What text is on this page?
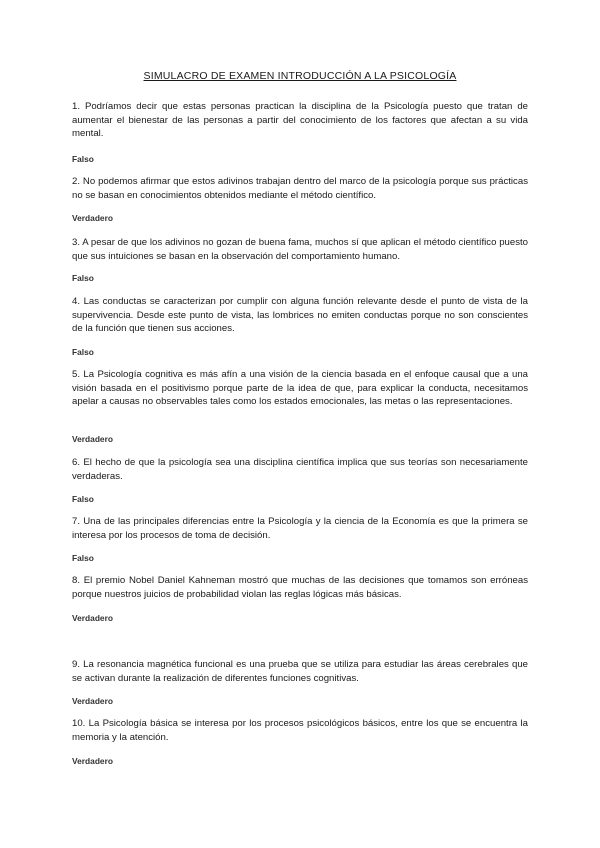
SIMULACRO DE EXAMEN INTRODUCCIÓN A LA PSICOLOGÍA
1. Podríamos decir que estas personas practican la disciplina de la Psicología puesto que tratan de aumentar el bienestar de las personas a partir del conocimiento de los factores que afectan a su vida mental.
Falso
2. No podemos afirmar que estos adivinos trabajan dentro del marco de la psicología porque sus prácticas no se basan en conocimientos obtenidos mediante el método científico.
Verdadero
3. A pesar de que los adivinos no gozan de buena fama, muchos sí que aplican el método científico puesto que sus intuiciones se basan en la observación del comportamiento humano.
Falso
4. Las conductas se caracterizan por cumplir con alguna función relevante desde el punto de vista de la supervivencia. Desde este punto de vista, las lombrices no emiten conductas porque no son conscientes de la función que tienen sus acciones.
Falso
5. La Psicología cognitiva es más afín a una visión de la ciencia basada en el enfoque causal que a una visión basada en el positivismo porque parte de la idea de que, para explicar la conducta, necesitamos apelar a causas no observables tales como los estados emocionales, las metas o las representaciones.
Verdadero
6. El hecho de que la psicología sea una disciplina científica implica que sus teorías son necesariamente verdaderas.
Falso
7. Una de las principales diferencias entre la Psicología y la ciencia de la Economía es que la primera se interesa por los procesos de toma de decisión.
Falso
8. El premio Nobel Daniel Kahneman mostró que muchas de las decisiones que tomamos son erróneas porque nuestros juicios de probabilidad violan las reglas lógicas más básicas.
Verdadero
9. La resonancia magnética funcional es una prueba que se utiliza para estudiar las áreas cerebrales que se activan durante la realización de diferentes funciones cognitivas.
Verdadero
10. La Psicología básica se interesa por los procesos psicológicos básicos, entre los que se encuentra la memoria y la atención.
Verdadero
